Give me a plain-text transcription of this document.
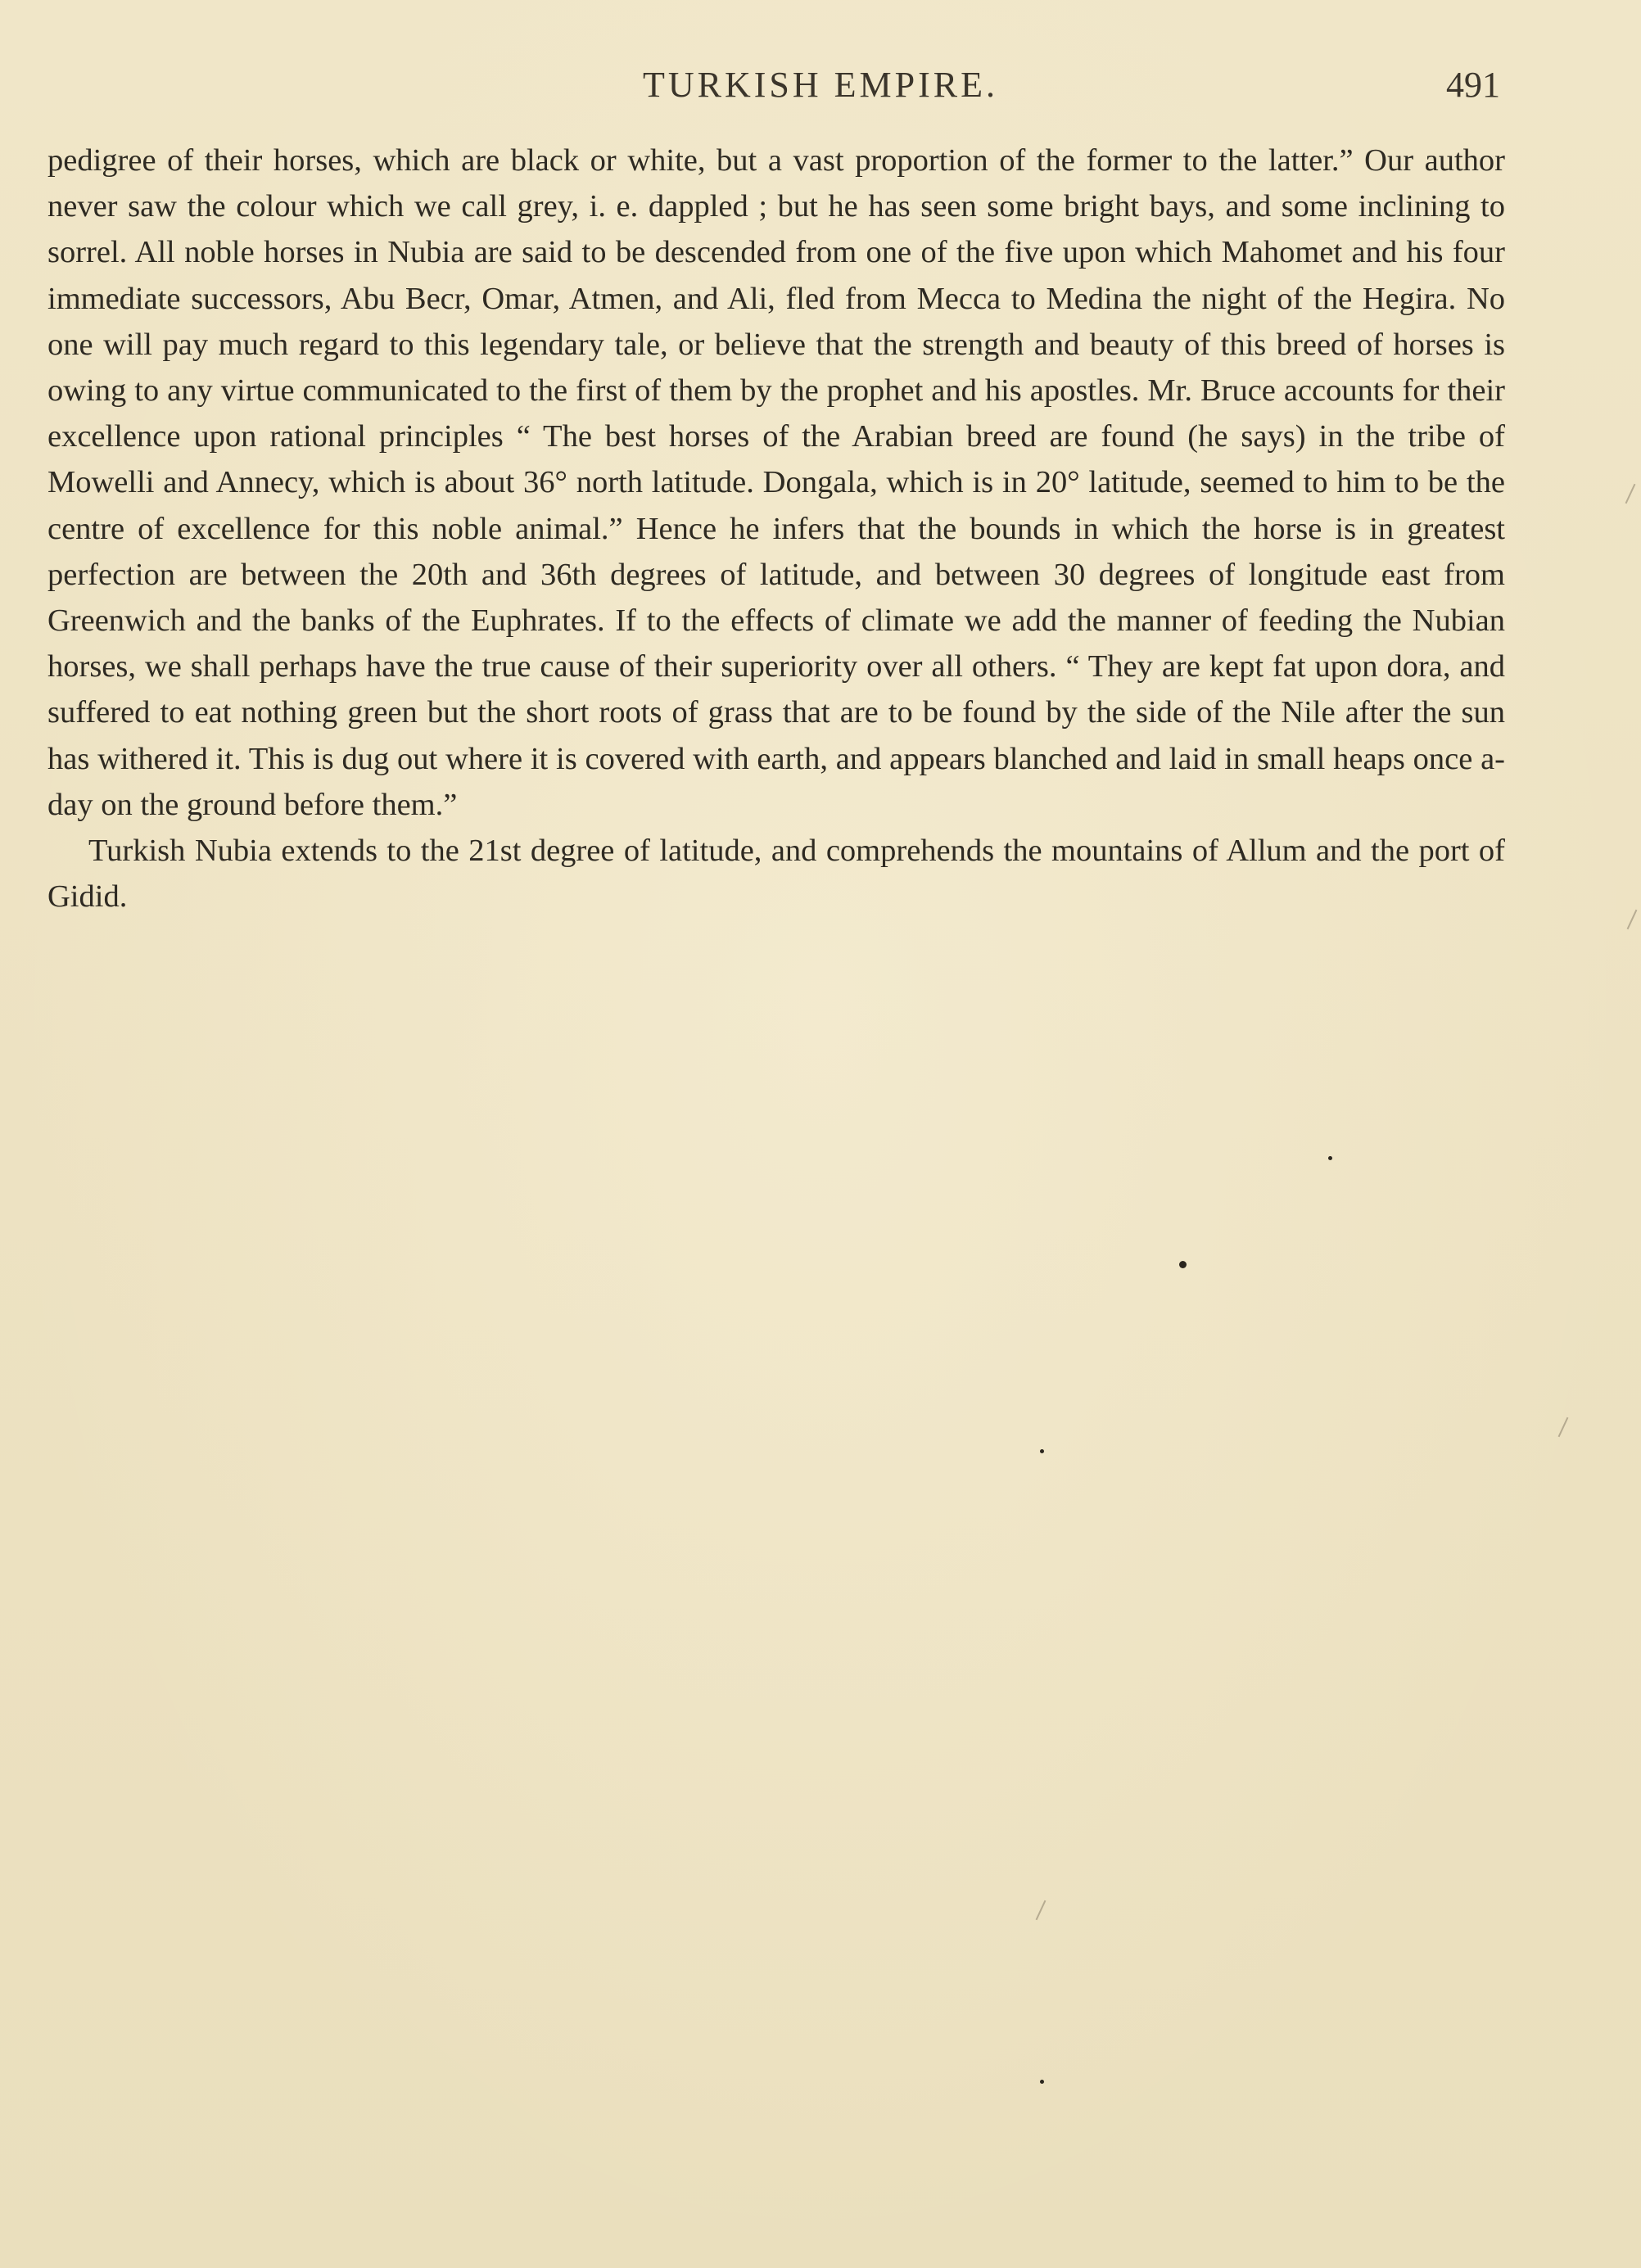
TURKISH EMPIRE.	491

pedigree of their horses, which are black or white, but a vast proportion of the former to the latter.” Our author never saw the colour which we call grey, i. e. dappled ; but he has seen some bright bays, and some inclining to sorrel. All noble horses in Nubia are said to be descended from one of the five upon which Mahomet and his four immediate successors, Abu Becr, Omar, Atmen, and Ali, fled from Mecca to Medina the night of the Hegira. No one will pay much regard to this legendary tale, or believe that the strength and beauty of this breed of horses is owing to any virtue communicated to the first of them by the prophet and his apostles. Mr. Bruce accounts for their excellence upon rational principles “ The best horses of the Arabian breed are found (he says) in the tribe of Mowelli and Annecy, which is about 36° north latitude. Dongala, which is in 20° latitude, seemed to him to be the centre of excellence for this noble animal.” Hence he infers that the bounds in which the horse is in greatest perfection are between the 20th and 36th degrees of latitude, and between 30 degrees of longitude east from Greenwich and the banks of the Euphrates. If to the effects of climate we add the manner of feeding the Nubian horses, we shall perhaps have the true cause of their superiority over all others. “ They are kept fat upon dora, and suffered to eat nothing green but the short roots of grass that are to be found by the side of the Nile after the sun has withered it. This is dug out where it is covered with earth, and appears blanched and laid in small heaps once a-day on the ground before them.”

Turkish Nubia extends to the 21st degree of latitude, and comprehends the mountains of Allum and the port of Gidid.
